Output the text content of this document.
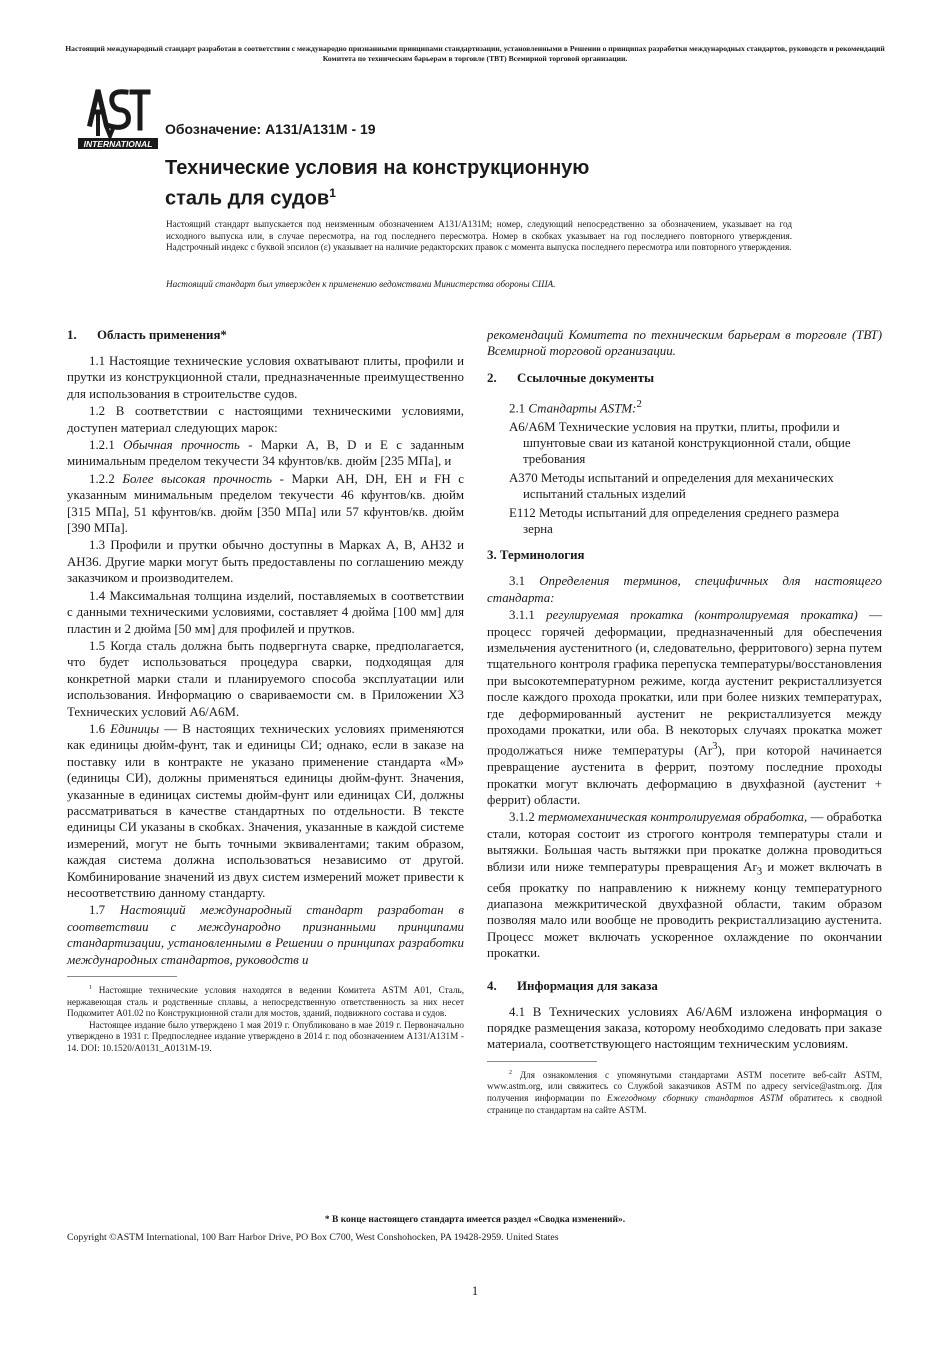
Настоящий международный стандарт разработан в соответствии с международно признанными принципами стандартизации, установленными в Решении о принципах разработки международных стандартов, руководств и рекомендаций Комитета по техническим барьерам в торговле (ТВТ) Всемирной торговой организации.
INTERNATIONAL
Обозначение: A131/A131M - 19
Технические условия на конструкционную
сталь для судов$^1$

Настоящий стандарт выпускается под неизменным обозначением A131/A131M; номер, следующий непосредственно за обозначением, указывает на год исходного выпуска или, в случае пересмотра, на год последнего пересмотра. Номер в скобках указывает на год последнего повторного утверждения. Надстрочный индекс с буквой эпсилон (ε) указывает на наличие редакторских правок с момента выпуска последнего пересмотра или повторного утверждения.

Настоящий стандарт был утвержден к применению ведомствами Министерства обороны США.

1. Область применения*

1.1 Настоящие технические условия охватывают плиты, профили и прутки из конструкционной стали, предназначенные преимущественно для использования в строительстве судов.

1.2 В соответствии с настоящими техническими условиями, доступен материал следующих марок:

1.2.1 Обычная прочность - Марки A, B, D и E с заданным минимальным пределом текучести 34 кфунтов/кв. дюйм [235 МПа], и

1.2.2 Более высокая прочность - Марки AH, DH, EH и FH с указанным минимальным пределом текучести 46 кфунтов/кв. дюйм [315 МПа], 51 кфунтов/кв. дюйм [350 МПа] или 57 кфунтов/кв. дюйм [390 МПа].

1.3 Профили и прутки обычно доступны в Марках A, B, AH32 и AH36. Другие марки могут быть предоставлены по соглашению между заказчиком и производителем.

1.4 Максимальная толщина изделий, поставляемых в соответствии с данными техническими условиями, составляет 4 дюйма [100 мм] для пластин и 2 дюйма [50 мм] для профилей и прутков.

1.5 Когда сталь должна быть подвергнута сварке, предполагается, что будет использоваться процедура сварки, подходящая для конкретной марки стали и планируемого способа эксплуатации или использования. Информацию о свариваемости см. в Приложении X3 Технических условий A6/A6M.

1.6 Единицы — В настоящих технических условиях применяются как единицы дюйм-фунт, так и единицы СИ; однако, если в заказе на поставку или в контракте не указано применение стандарта «M» (единицы СИ), должны применяться единицы дюйм-фунт. Значения, указанные в единицах системы дюйм-фунт или единицах СИ, должны рассматриваться в качестве стандартных по отдельности. В тексте единицы СИ указаны в скобках. Значения, указанные в каждой системе измерений, могут не быть точными эквивалентами; таким образом, каждая система должна использоваться независимо от другой. Комбинирование значений из двух систем измерений может привести к несоответствию данному стандарту.

1.7 Настоящий международный стандарт разработан в соответствии с международно признанными принципами стандартизации, установленными в Решении о принципах разработки международных стандартов, руководств и

$^1$ Настоящие технические условия находятся в ведении Комитета ASTM A01, Сталь, нержавеющая сталь и родственные сплавы, а непосредственную ответственность за них несет Подкомитет A01.02 по Конструкционной стали для мостов, зданий, подвижного состава и судов.

Настоящее издание было утверждено 1 мая 2019 г. Опубликовано в мае 2019 г. Первоначально утверждено в 1931 г. Предпоследнее издание утверждено в 2014 г. под обозначением A131/A131M - 14. DOI: 10.1520/A0131_A0131M-19.

рекомендаций Комитета по техническим барьерам в торговле (ТВТ) Всемирной торговой организации.

2. Ссылочные документы

2.1 Стандарты ASTM:$^2$

A6/A6M Технические условия на прутки, плиты, профили и
шпунтовые сваи из катаной конструкционной стали, общие требования
A370 Методы испытаний и определения для механических
испытаний стальных изделий
E112 Методы испытаний для определения среднего размера
зерна
3. Терминология

3.1 Определения терминов, специфичных для настоящего стандарта:

3.1.1 регулируемая прокатка (контролируемая прокатка) — процесс горячей деформации, предназначенный для обеспечения измельчения аустенитного (и, следовательно, ферритового) зерна путем тщательного контроля графика перепуска температуры/восстановления при высокотемпературном режиме, когда аустенит рекристаллизуется после каждого прохода прокатки, или при более низких температурах, где деформированный аустенит не рекристаллизуется между проходами прокатки, или оба. В некоторых случаях прокатка может продолжаться ниже температуры (Ar$^3$), при которой начинается превращение аустенита в феррит, поэтому последние проходы прокатки могут включать деформацию в двухфазной (аустенит + феррит) области.

3.1.2 термомеханическая контролируемая обработка, — обработка стали, которая состоит из строгого контроля температуры стали и вытяжки. Большая часть вытяжки при прокатке должна проводиться вблизи или ниже температуры превращения $Ar_3$ и может включать в себя прокатку по направлению к нижнему концу температурного диапазона межкритической двухфазной области, таким образом позволяя мало или вообще не проводить рекристаллизацию аустенита. Процесс может включать ускоренное охлаждение по окончании прокатки.

4. Информация для заказа

4.1 В Технических условиях A6/A6M изложена информация о порядке размещения заказа, которому необходимо следовать при заказе материала, соответствующего настоящим техническим условиям.

$^2$ Для ознакомления с упомянутыми стандартами ASTM посетите веб-сайт ASTM, www.astm.org, или свяжитесь со Службой заказчиков ASTM по адресу service@astm.org. Для получения информации по Ежегодному сборнику стандартов ASTM обратитесь к сводной странице по стандартам на сайте ASTM.

* В конце настоящего стандарта имеется раздел «Сводка изменений».
Copyright ©ASTM International, 100 Barr Harbor Drive, PO Box C700, West Conshohocken, PA 19428-2959. United States
1
